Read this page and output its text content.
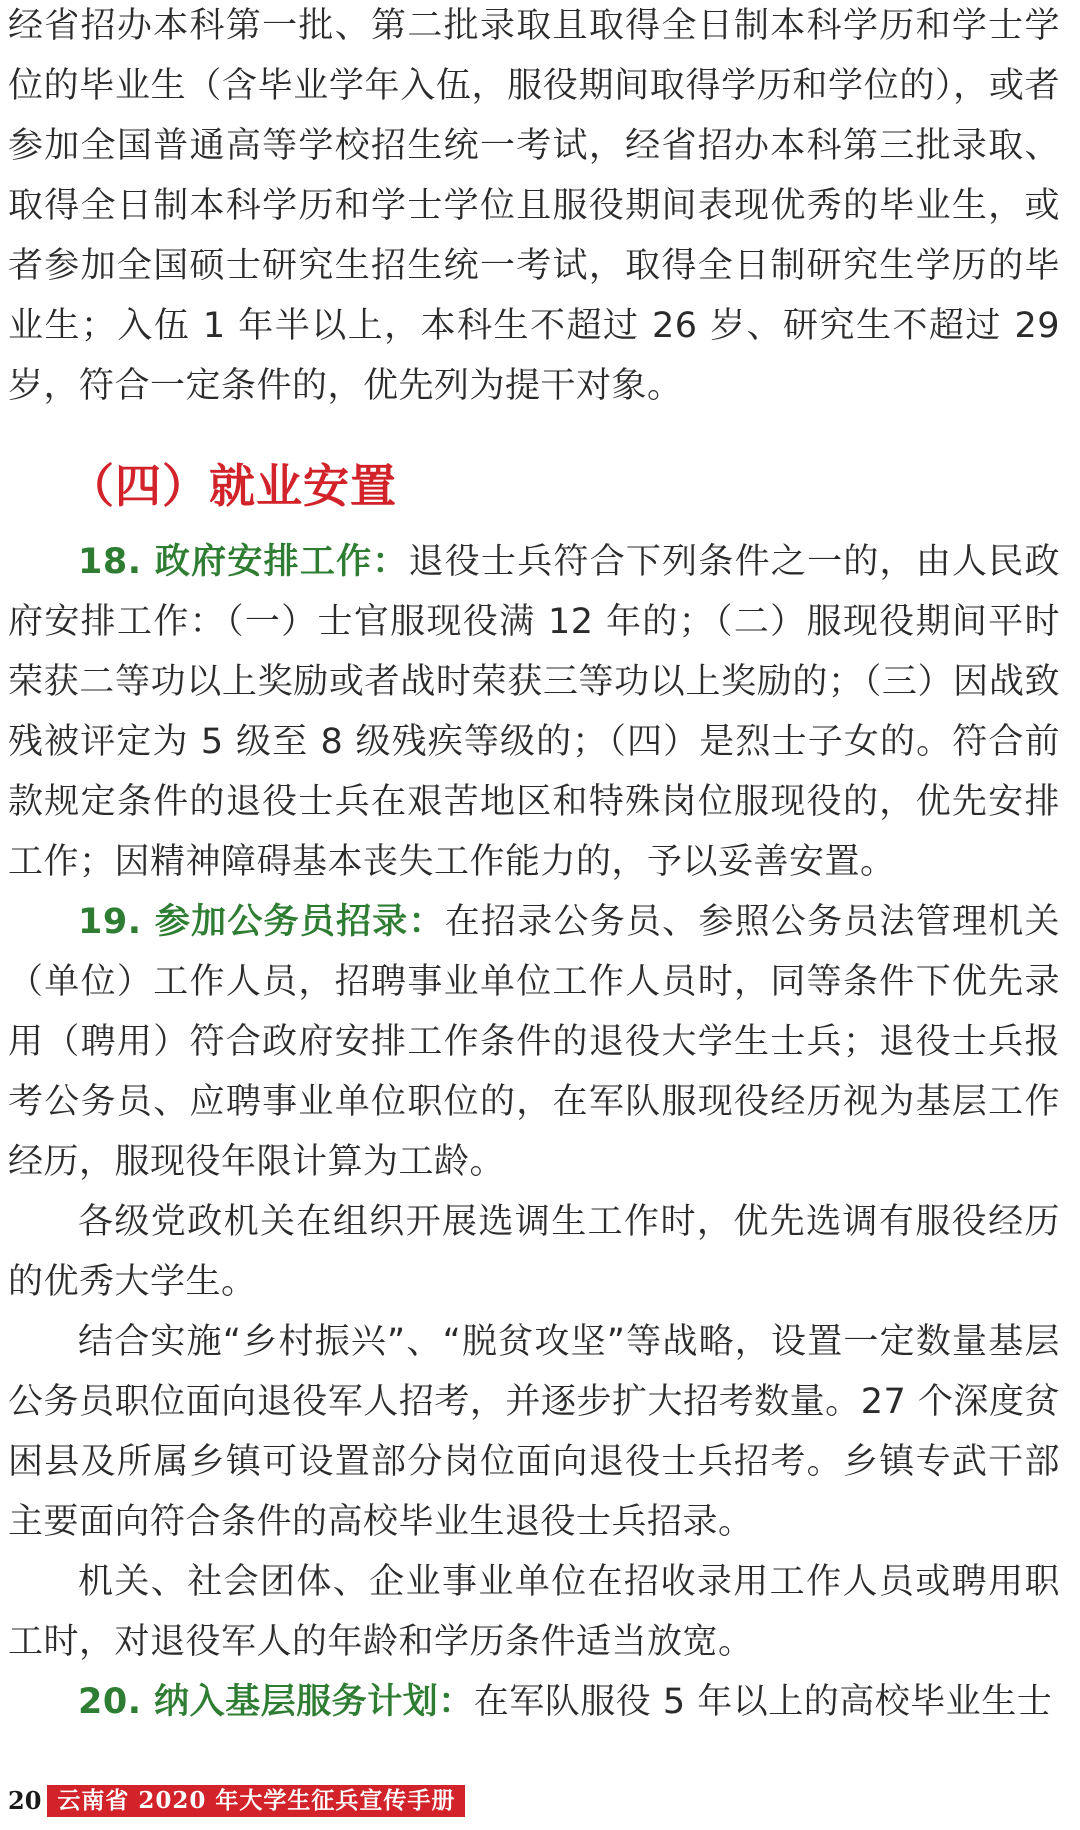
经省招办本科第一批、第二批录取且取得全日制本科学历和学士学位的毕业生（含毕业学年入伍，服役期间取得学历和学位的），或者参加全国普通高等学校招生统一考试，经省招办本科第三批录取、取得全日制本科学历和学士学位且服役期间表现优秀的毕业生，或者参加全国硕士研究生招生统一考试，取得全日制研究生学历的毕业生；入伍 1 年半以上，本科生不超过 26 岁、研究生不超过 29 岁，符合一定条件的，优先列为提干对象。

（四）就业安置

18. 政府安排工作：退役士兵符合下列条件之一的，由人民政府安排工作：（一）士官服现役满 12 年的；（二）服现役期间平时荣获二等功以上奖励或者战时荣获三等功以上奖励的；（三）因战致残被评定为 5 级至 8 级残疾等级的；（四）是烈士子女的。符合前款规定条件的退役士兵在艰苦地区和特殊岗位服现役的，优先安排工作；因精神障碍基本丧失工作能力的，予以妥善安置。

19. 参加公务员招录：在招录公务员、参照公务员法管理机关（单位）工作人员，招聘事业单位工作人员时，同等条件下优先录用（聘用）符合政府安排工作条件的退役大学生士兵；退役士兵报考公务员、应聘事业单位职位的，在军队服现役经历视为基层工作经历，服现役年限计算为工龄。

各级党政机关在组织开展选调生工作时，优先选调有服役经历的优秀大学生。

结合实施“乡村振兴”、“脱贫攻坚”等战略，设置一定数量基层公务员职位面向退役军人招考，并逐步扩大招考数量。27 个深度贫困县及所属乡镇可设置部分岗位面向退役士兵招考。乡镇专武干部主要面向符合条件的高校毕业生退役士兵招录。

机关、社会团体、企业事业单位在招收录用工作人员或聘用职工时，对退役军人的年龄和学历条件适当放宽。

20. 纳入基层服务计划：在军队服役 5 年以上的高校毕业生士

20 云南省 2020 年大学生征兵宣传手册
